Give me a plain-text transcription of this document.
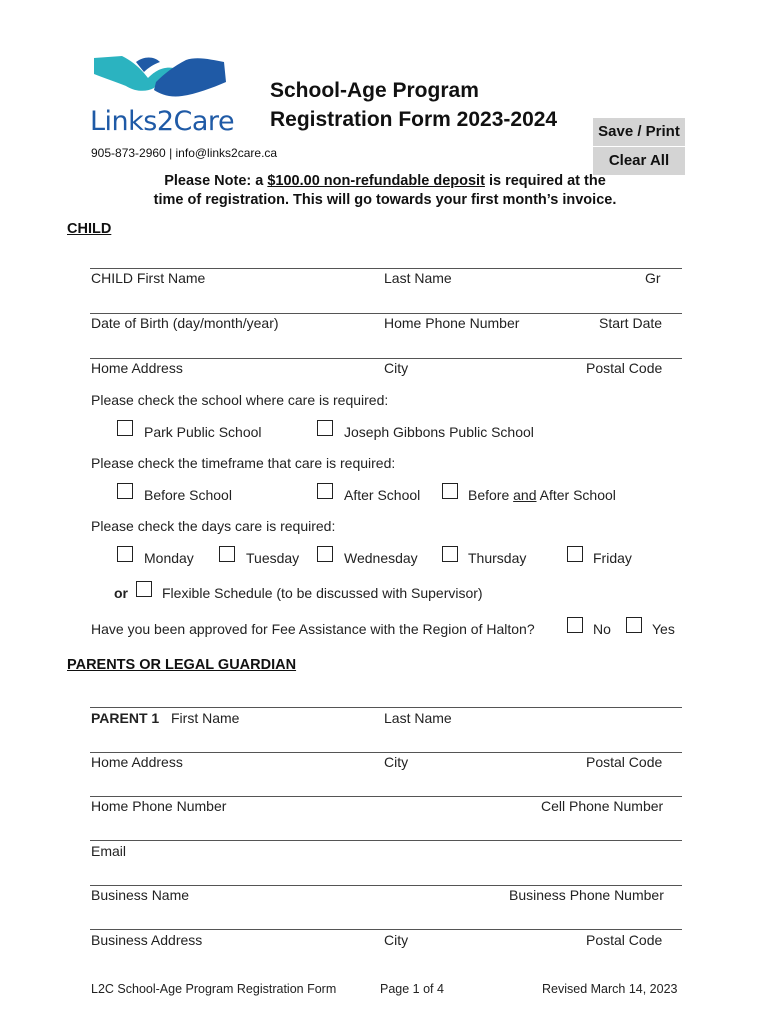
Links2Care
School-Age Program
Registration Form 2023-2024
Save / Print
Clear All
905-873-2960 | info@links2care.ca
Please Note: a $100.00 non-refundable deposit is required at the
time of registration. This will go towards your first month’s invoice.
CHILD
CHILD First Name	Last Name	Gr
Date of Birth (day/month/year)	Home Phone Number	Start Date
Home Address	City	Postal Code
Please check the school where care is required:
Park Public School	Joseph Gibbons Public School
Please check the timeframe that care is required:
Before School	After School	Before and After School
Please check the days care is required:
Monday	Tuesday	Wednesday	Thursday	Friday
or Flexible Schedule (to be discussed with Supervisor)
Have you been approved for Fee Assistance with the Region of Halton?	No	Yes
PARENTS OR LEGAL GUARDIAN
PARENT 1 First Name	Last Name
Home Address	City	Postal Code
Home Phone Number	Cell Phone Number
Email
Business Name	Business Phone Number
Business Address	City	Postal Code
L2C School-Age Program Registration Form	Page 1 of 4	Revised March 14, 2023
